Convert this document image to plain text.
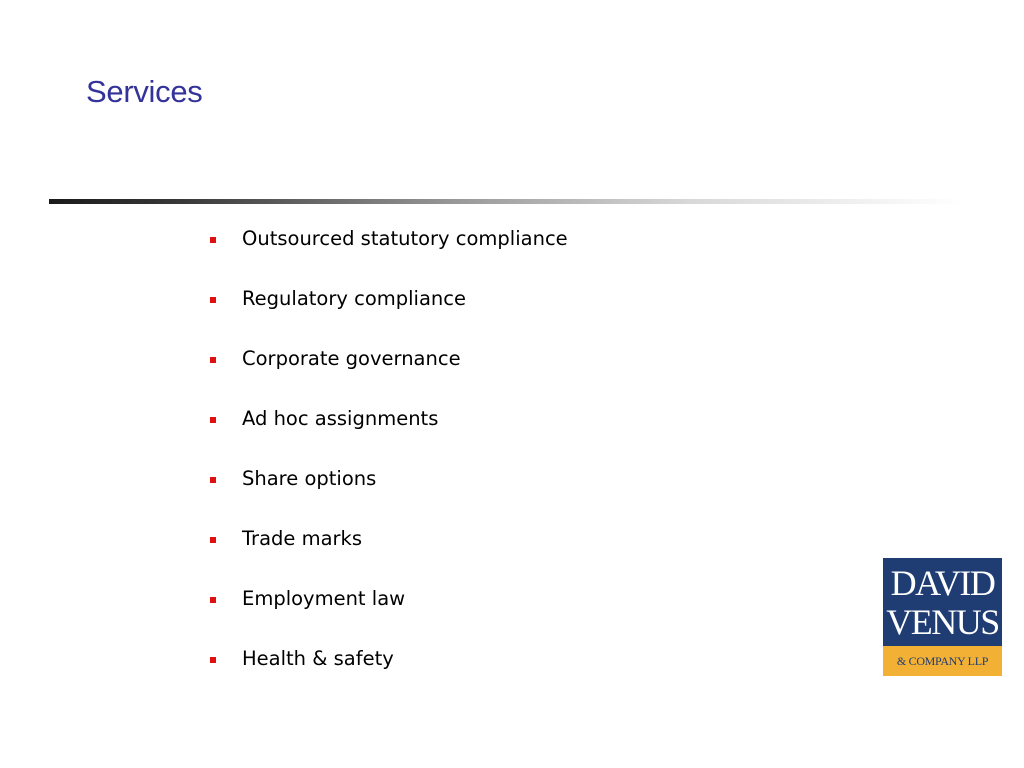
Services
Outsourced statutory compliance
Regulatory compliance
Corporate governance
Ad hoc assignments
Share options
Trade marks
Employment law
Health & safety
DAVID
VENUS
& COMPANY LLP
